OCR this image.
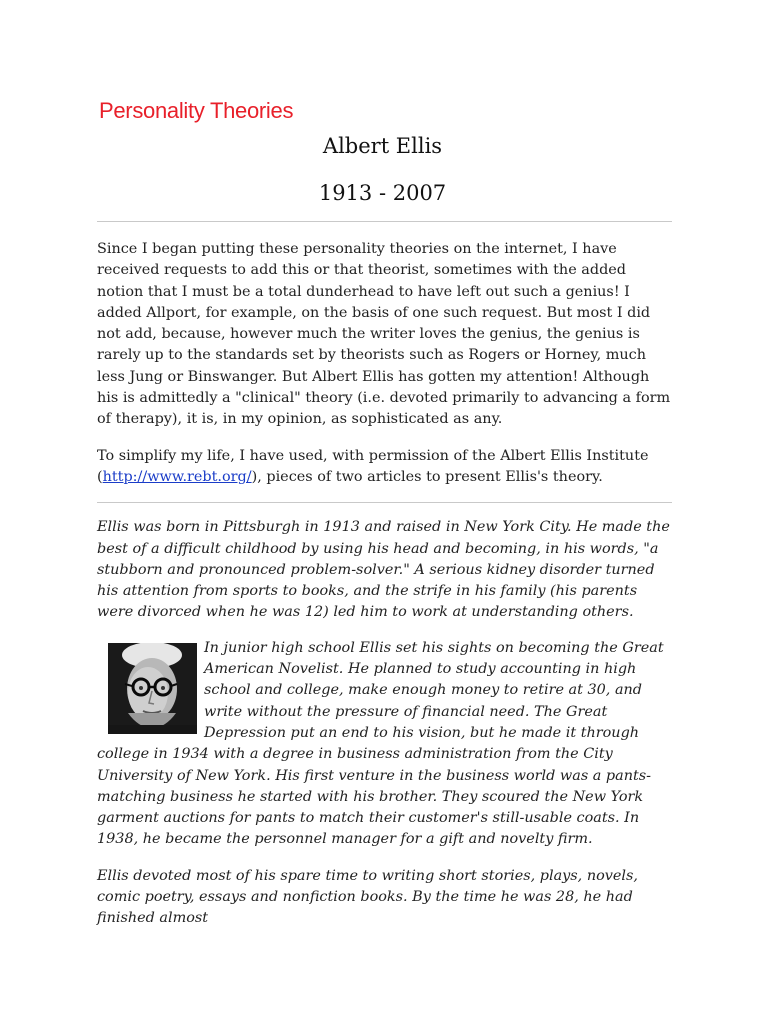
Personality Theories
Albert Ellis
1913 - 2007

Since I began putting these personality theories on the internet, I have received requests to add this or that theorist, sometimes with the added notion that I must be a total dunderhead to have left out such a genius! I added Allport, for example, on the basis of one such request. But most I did not add, because, however much the writer loves the genius, the genius is rarely up to the standards set by theorists such as Rogers or Horney, much less Jung or Binswanger. But Albert Ellis has gotten my attention! Although his is admittedly a "clinical" theory (i.e. devoted primarily to advancing a form of therapy), it is, in my opinion, as sophisticated as any.

To simplify my life, I have used, with permission of the Albert Ellis Institute (http://www.rebt.org/), pieces of two articles to present Ellis's theory.

Ellis was born in Pittsburgh in 1913 and raised in New York City. He made the best of a difficult childhood by using his head and becoming, in his words, "a stubborn and pronounced problem-solver." A serious kidney disorder turned his attention from sports to books, and the strife in his family (his parents were divorced when he was 12) led him to work at understanding others.

In junior high school Ellis set his sights on becoming the Great American Novelist. He planned to study accounting in high school and college, make enough money to retire at 30, and write without the pressure of financial need. The Great Depression put an end to his vision, but he made it through college in 1934 with a degree in business administration from the City University of New York. His first venture in the business world was a pants-matching business he started with his brother. They scoured the New York garment auctions for pants to match their customer's still-usable coats. In 1938, he became the personnel manager for a gift and novelty firm.

Ellis devoted most of his spare time to writing short stories, plays, novels, comic poetry, essays and nonfiction books. By the time he was 28, he had finished almost
